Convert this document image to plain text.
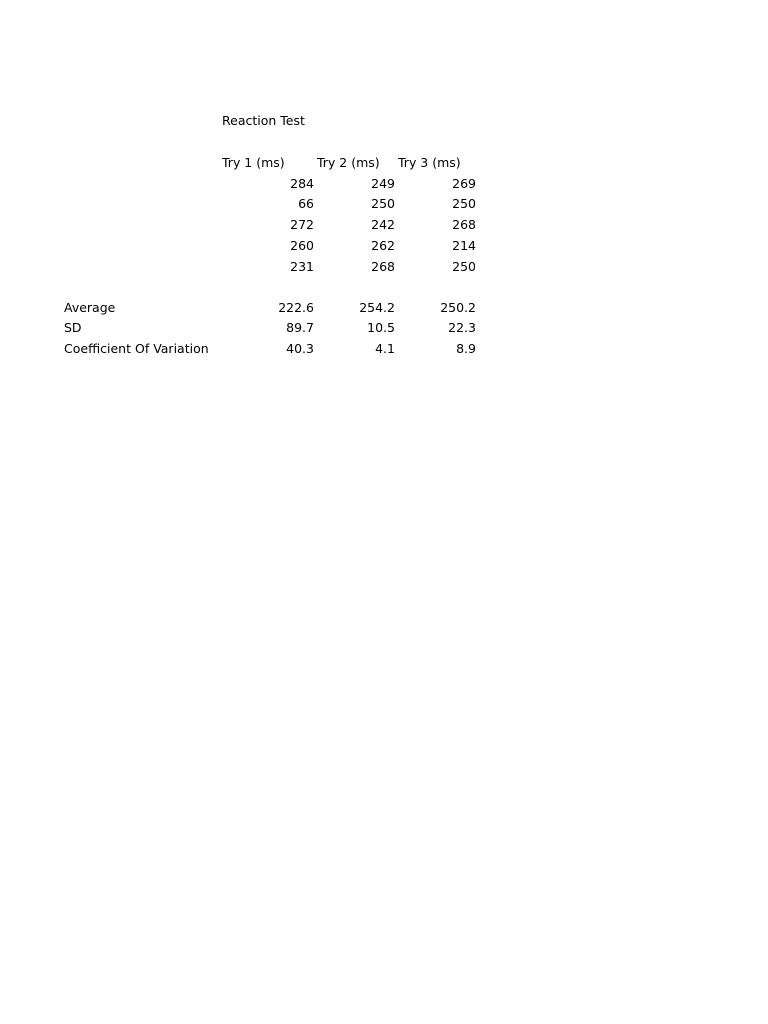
Reaction Test
Try 1 (ms)	Try 2 (ms) Try 3 (ms)
284	249	269
66	250	250
272	242	268
260	262	214
231	268	250
Average	222.6	254.2	250.2
SD	89.7	10.5	22.3
Coefficient Of Variation	40.3	4.1	8.9
